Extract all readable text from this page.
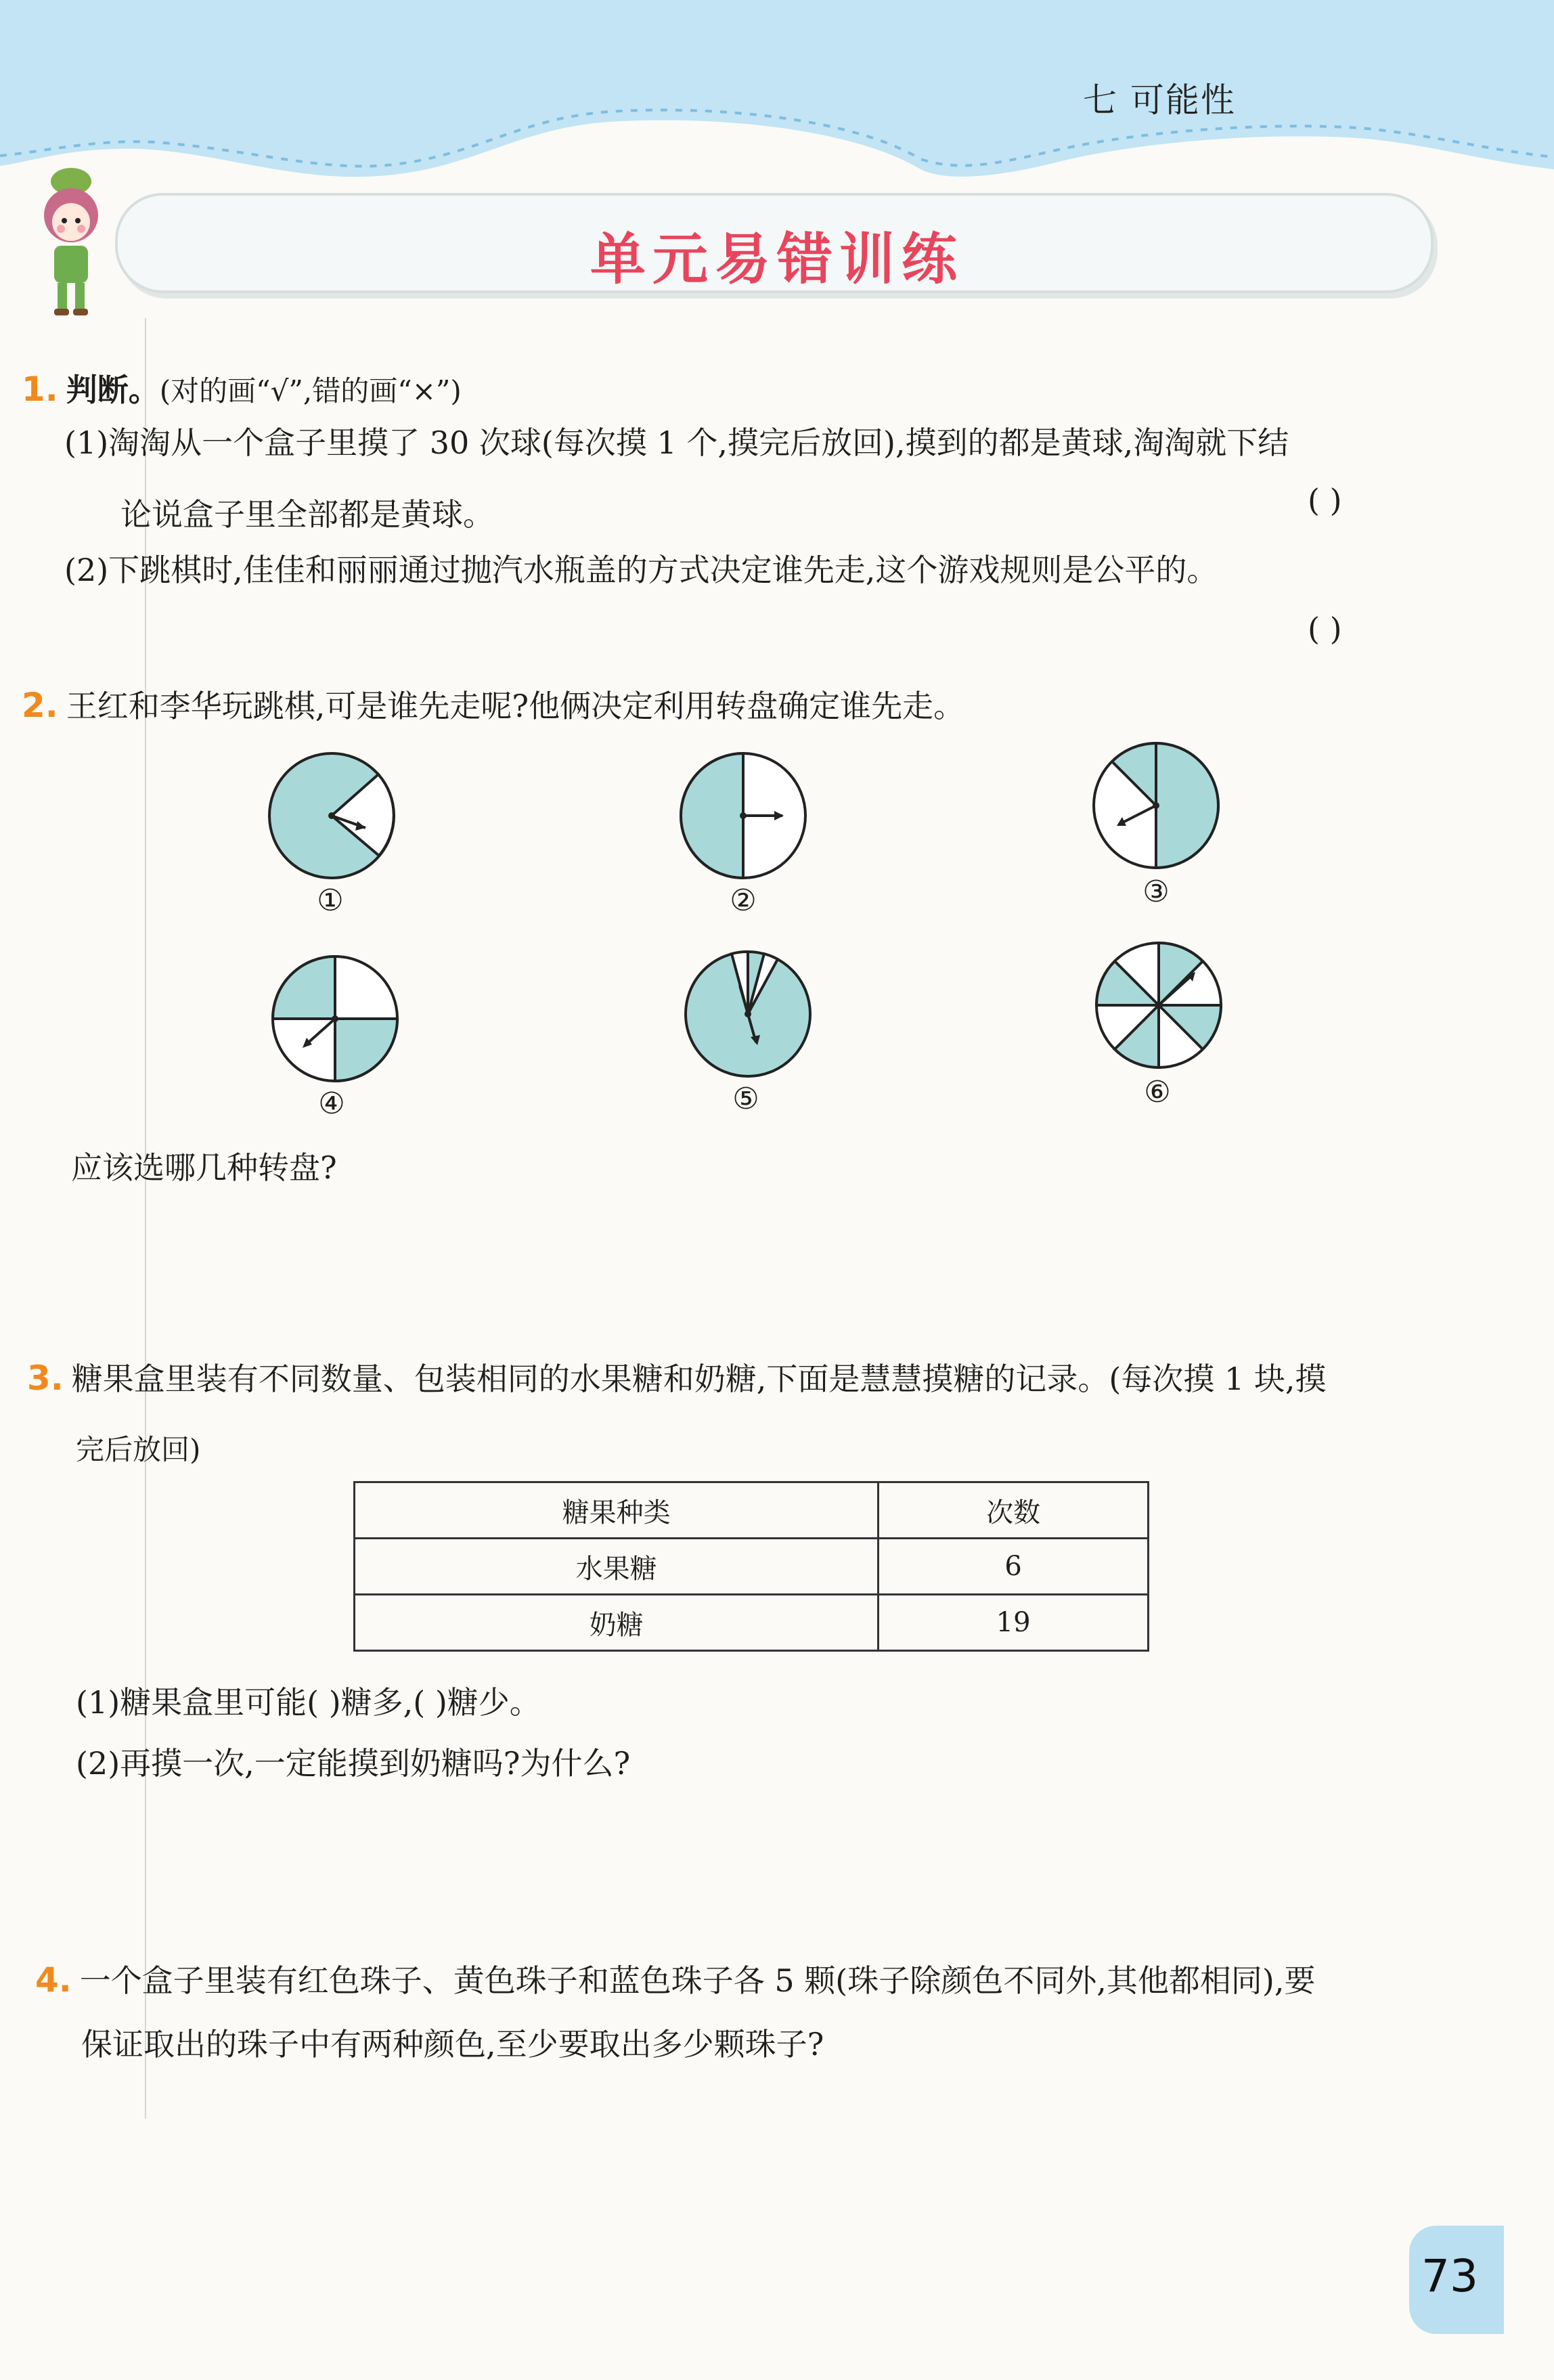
七 可能性
单元易错训练
1. 判断。(对的画“√”,错的画“×”)
(1)淘淘从一个盒子里摸了 30 次球(每次摸 1 个,摸完后放回),摸到的都是黄球,淘淘就下结
论说盒子里全部都是黄球。	( )
(2)下跳棋时,佳佳和丽丽通过抛汽水瓶盖的方式决定谁先走,这个游戏规则是公平的。
( )
2. 王红和李华玩跳棋,可是谁先走呢?他俩决定利用转盘确定谁先走。
①	②	③
④	⑤	⑥
应该选哪几种转盘?
3. 糖果盒里装有不同数量、包装相同的水果糖和奶糖,下面是慧慧摸糖的记录。(每次摸 1 块,摸
完后放回)
糖果种类	次数
水果糖	6
奶糖	19
(1)糖果盒里可能( )糖多,( )糖少。
(2)再摸一次,一定能摸到奶糖吗?为什么?
4. 一个盒子里装有红色珠子、黄色珠子和蓝色珠子各 5 颗(珠子除颜色不同外,其他都相同),要
保证取出的珠子中有两种颜色,至少要取出多少颗珠子?
73
